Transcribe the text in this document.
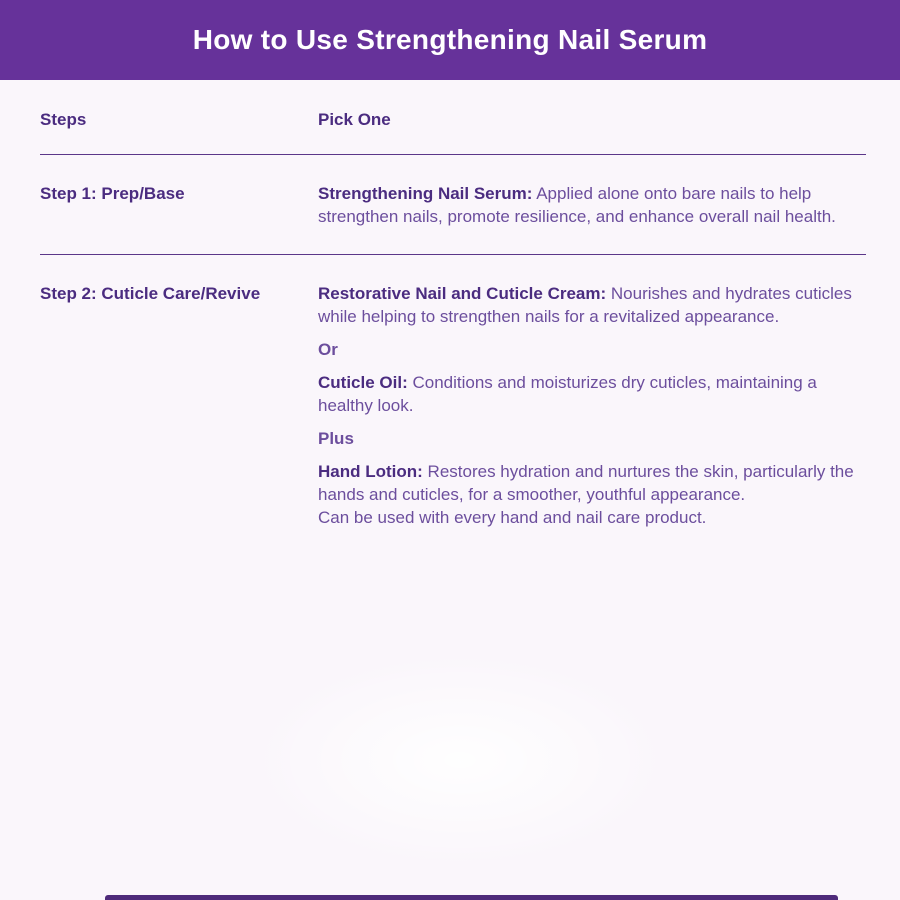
How to Use Strengthening Nail Serum
Steps	Pick One
Step 1: Prep/Base	Strengthening Nail Serum: Applied alone onto bare nails to help strengthen nails, promote resilience, and enhance overall nail health.

Step 2: Cuticle Care/Revive	Restorative Nail and Cuticle Cream: Nourishes and hydrates cuticles while helping to strengthen nails for a revitalized appearance.

Or

Cuticle Oil: Conditions and moisturizes dry cuticles, maintaining a healthy look.

Plus

Hand Lotion: Restores hydration and nurtures the skin, particularly the hands and cuticles, for a smoother, youthful appearance.
Can be used with every hand and nail care product.
